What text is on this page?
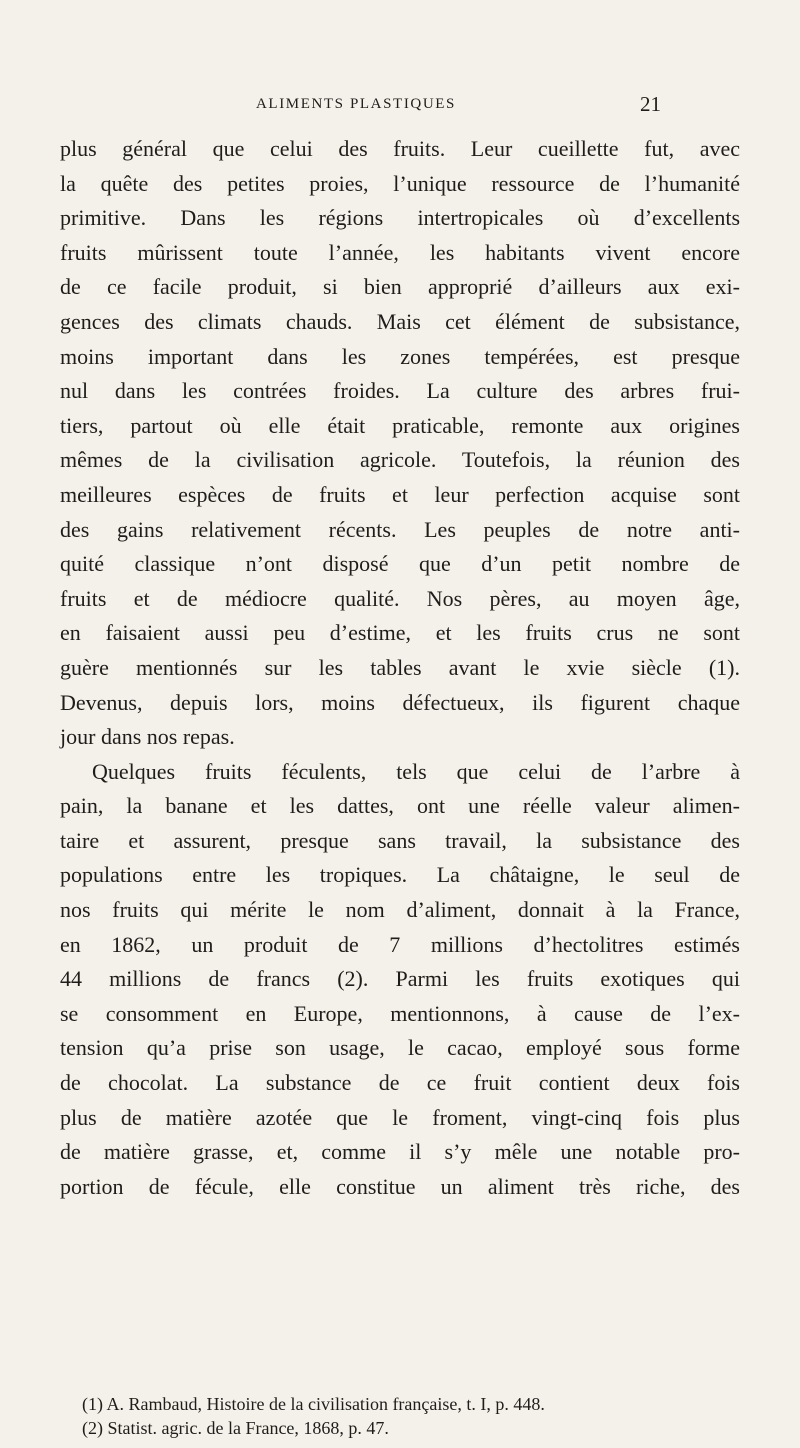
ALIMENTS PLASTIQUES	21
plus général que celui des fruits. Leur cueillette fut, avec
la quête des petites proies, l’unique ressource de l’humanité
primitive. Dans les régions intertropicales où d’excellents
fruits mûrissent toute l’année, les habitants vivent encore
de ce facile produit, si bien approprié d’ailleurs aux exi-
gences des climats chauds. Mais cet élément de subsistance,
moins important dans les zones tempérées, est presque
nul dans les contrées froides. La culture des arbres frui-
tiers, partout où elle était praticable, remonte aux origines
mêmes de la civilisation agricole. Toutefois, la réunion des
meilleures espèces de fruits et leur perfection acquise sont
des gains relativement récents. Les peuples de notre anti-
quité classique n’ont disposé que d’un petit nombre de
fruits et de médiocre qualité. Nos pères, au moyen âge,
en faisaient aussi peu d’estime, et les fruits crus ne sont
guère mentionnés sur les tables avant le xvie siècle (1).
Devenus, depuis lors, moins défectueux, ils figurent chaque
jour dans nos repas.
Quelques fruits féculents, tels que celui de l’arbre à
pain, la banane et les dattes, ont une réelle valeur alimen-
taire et assurent, presque sans travail, la subsistance des
populations entre les tropiques. La châtaigne, le seul de
nos fruits qui mérite le nom d’aliment, donnait à la France,
en 1862, un produit de 7 millions d’hectolitres estimés
44 millions de francs (2). Parmi les fruits exotiques qui
se consomment en Europe, mentionnons, à cause de l’ex-
tension qu’a prise son usage, le cacao, employé sous forme
de chocolat. La substance de ce fruit contient deux fois
plus de matière azotée que le froment, vingt-cinq fois plus
de matière grasse, et, comme il s’y mêle une notable pro-
portion de fécule, elle constitue un aliment très riche, des
(1) A. Rambaud, Histoire de la civilisation française, t. I, p. 448.
(2) Statist. agric. de la France, 1868, p. 47.
